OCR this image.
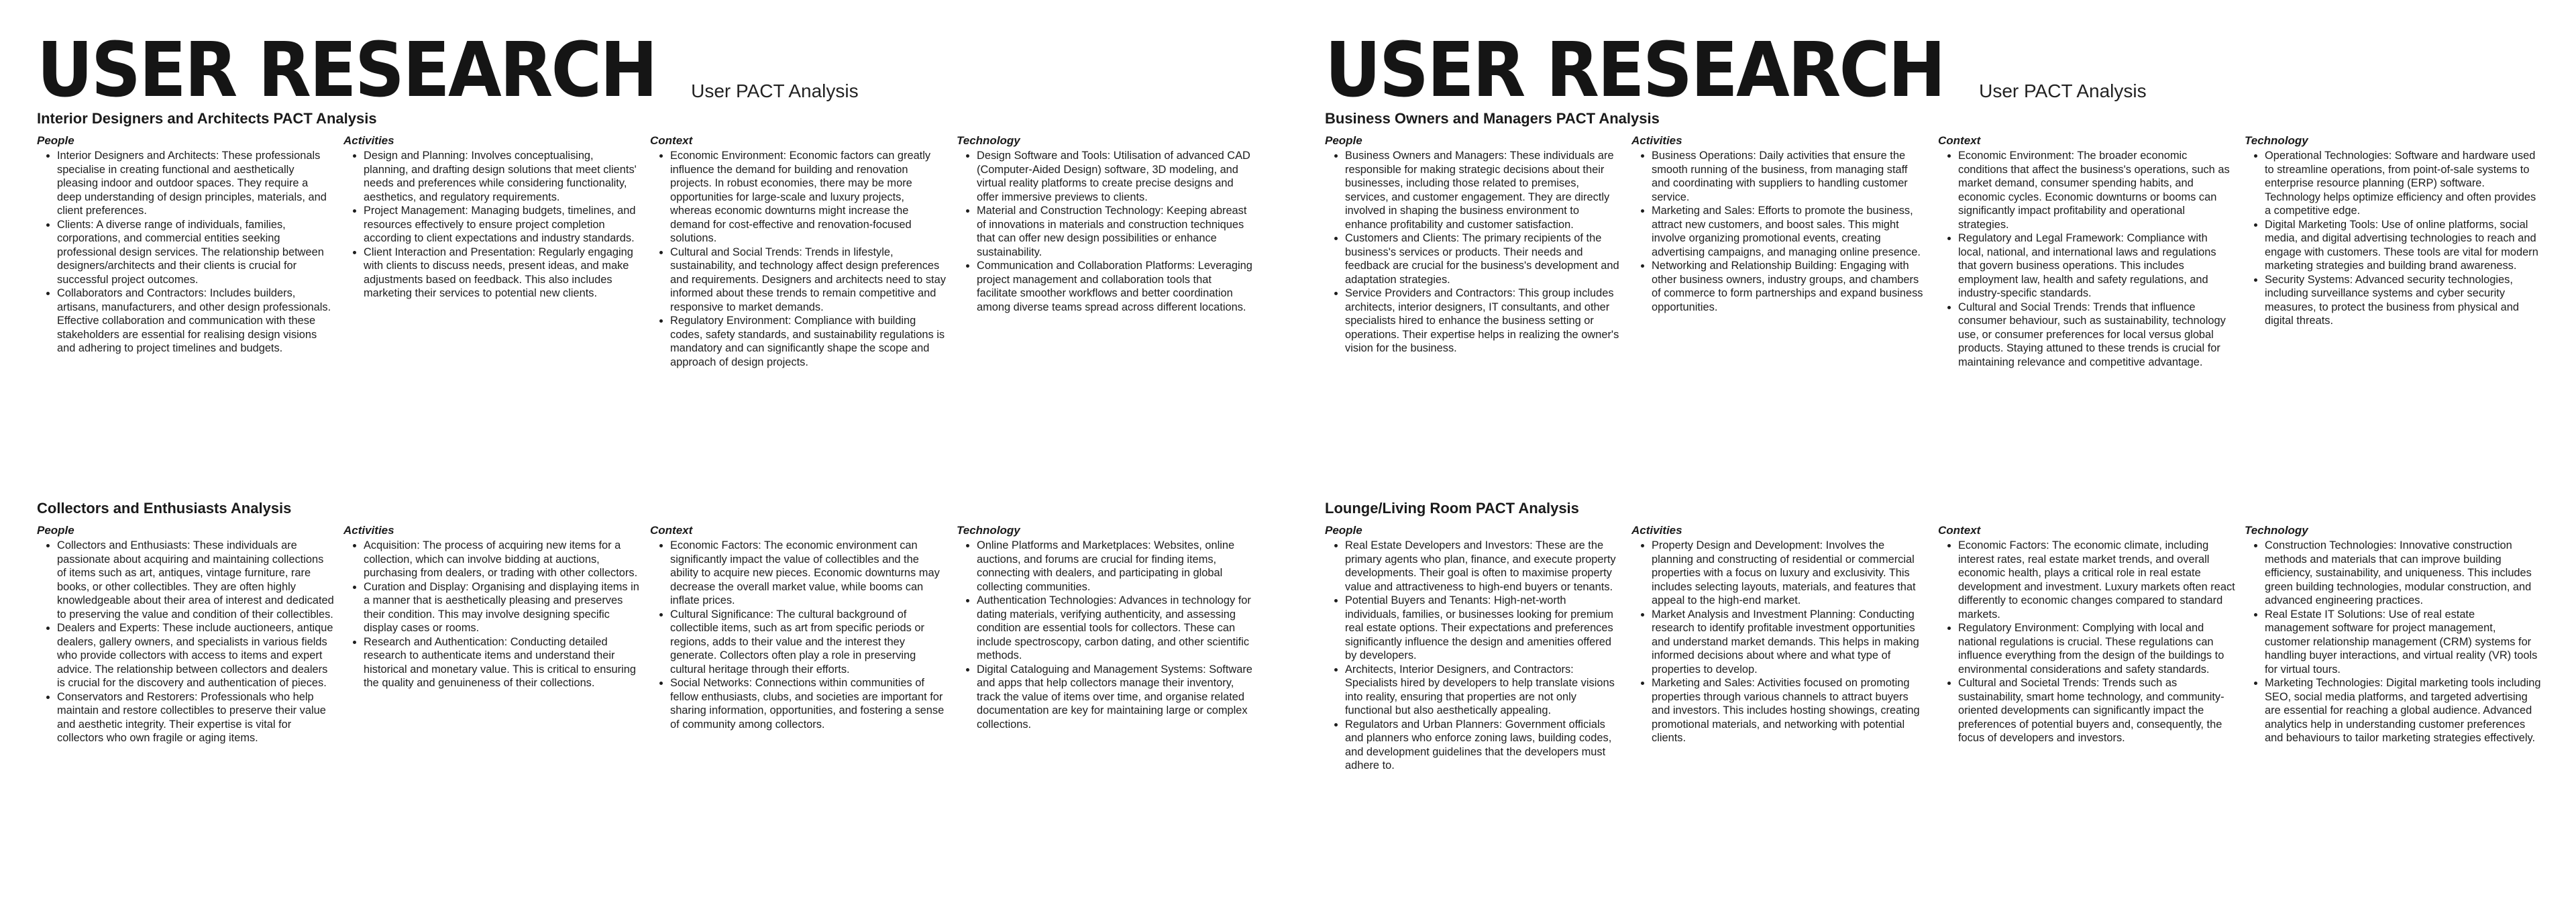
USER RESEARCH User PACT Analysis
Interior Designers and Architects PACT Analysis
People
• Interior Designers and Architects: These professionals specialise in creating functional and aesthetically pleasing indoor and outdoor spaces. They require a deep understanding of design principles, materials, and client preferences.
• Clients: A diverse range of individuals, families, corporations, and commercial entities seeking professional design services. The relationship between designers/architects and their clients is crucial for successful project outcomes.
• Collaborators and Contractors: Includes builders, artisans, manufacturers, and other design professionals. Effective collaboration and communication with these stakeholders are essential for realising design visions and adhering to project timelines and budgets.
Activities
• Design and Planning: Involves conceptualising, planning, and drafting design solutions that meet clients' needs and preferences while considering functionality, aesthetics, and regulatory requirements.
• Project Management: Managing budgets, timelines, and resources effectively to ensure project completion according to client expectations and industry standards.
• Client Interaction and Presentation: Regularly engaging with clients to discuss needs, present ideas, and make adjustments based on feedback. This also includes marketing their services to potential new clients.
Context
• Economic Environment: Economic factors can greatly influence the demand for building and renovation projects. In robust economies, there may be more opportunities for large-scale and luxury projects, whereas economic downturns might increase the demand for cost-effective and renovation-focused solutions.
• Cultural and Social Trends: Trends in lifestyle, sustainability, and technology affect design preferences and requirements. Designers and architects need to stay informed about these trends to remain competitive and responsive to market demands.
• Regulatory Environment: Compliance with building codes, safety standards, and sustainability regulations is mandatory and can significantly shape the scope and approach of design projects.
Technology
• Design Software and Tools: Utilisation of advanced CAD (Computer-Aided Design) software, 3D modeling, and virtual reality platforms to create precise designs and offer immersive previews to clients.
• Material and Construction Technology: Keeping abreast of innovations in materials and construction techniques that can offer new design possibilities or enhance sustainability.
• Communication and Collaboration Platforms: Leveraging project management and collaboration tools that facilitate smoother workflows and better coordination among diverse teams spread across different locations.
Collectors and Enthusiasts Analysis
People
• Collectors and Enthusiasts: These individuals are passionate about acquiring and maintaining collections of items such as art, antiques, vintage furniture, rare books, or other collectibles. They are often highly knowledgeable about their area of interest and dedicated to preserving the value and condition of their collectibles.
• Dealers and Experts: These include auctioneers, antique dealers, gallery owners, and specialists in various fields who provide collectors with access to items and expert advice. The relationship between collectors and dealers is crucial for the discovery and authentication of pieces.
• Conservators and Restorers: Professionals who help maintain and restore collectibles to preserve their value and aesthetic integrity. Their expertise is vital for collectors who own fragile or aging items.
Activities
• Acquisition: The process of acquiring new items for a collection, which can involve bidding at auctions, purchasing from dealers, or trading with other collectors.
• Curation and Display: Organising and displaying items in a manner that is aesthetically pleasing and preserves their condition. This may involve designing specific display cases or rooms.
• Research and Authentication: Conducting detailed research to authenticate items and understand their historical and monetary value. This is critical to ensuring the quality and genuineness of their collections.
Context
• Economic Factors: The economic environment can significantly impact the value of collectibles and the ability to acquire new pieces. Economic downturns may decrease the overall market value, while booms can inflate prices.
• Cultural Significance: The cultural background of collectible items, such as art from specific periods or regions, adds to their value and the interest they generate. Collectors often play a role in preserving cultural heritage through their efforts.
• Social Networks: Connections within communities of fellow enthusiasts, clubs, and societies are important for sharing information, opportunities, and fostering a sense of community among collectors.
Technology
• Online Platforms and Marketplaces: Websites, online auctions, and forums are crucial for finding items, connecting with dealers, and participating in global collecting communities.
• Authentication Technologies: Advances in technology for dating materials, verifying authenticity, and assessing condition are essential tools for collectors. These can include spectroscopy, carbon dating, and other scientific methods.
• Digital Cataloguing and Management Systems: Software and apps that help collectors manage their inventory, track the value of items over time, and organise related documentation are key for maintaining large or complex collections.
USER RESEARCH User PACT Analysis
Business Owners and Managers PACT Analysis
People
• Business Owners and Managers: These individuals are responsible for making strategic decisions about their businesses, including those related to premises, services, and customer engagement. They are directly involved in shaping the business environment to enhance profitability and customer satisfaction.
• Customers and Clients: The primary recipients of the business's services or products. Their needs and feedback are crucial for the business's development and adaptation strategies.
• Service Providers and Contractors: This group includes architects, interior designers, IT consultants, and other specialists hired to enhance the business setting or operations. Their expertise helps in realizing the owner's vision for the business.
Activities
• Business Operations: Daily activities that ensure the smooth running of the business, from managing staff and coordinating with suppliers to handling customer service.
• Marketing and Sales: Efforts to promote the business, attract new customers, and boost sales. This might involve organizing promotional events, creating advertising campaigns, and managing online presence.
• Networking and Relationship Building: Engaging with other business owners, industry groups, and chambers of commerce to form partnerships and expand business opportunities.
Context
• Economic Environment: The broader economic conditions that affect the business's operations, such as market demand, consumer spending habits, and economic cycles. Economic downturns or booms can significantly impact profitability and operational strategies.
• Regulatory and Legal Framework: Compliance with local, national, and international laws and regulations that govern business operations. This includes employment law, health and safety regulations, and industry-specific standards.
• Cultural and Social Trends: Trends that influence consumer behaviour, such as sustainability, technology use, or consumer preferences for local versus global products. Staying attuned to these trends is crucial for maintaining relevance and competitive advantage.
Technology
• Operational Technologies: Software and hardware used to streamline operations, from point-of-sale systems to enterprise resource planning (ERP) software. Technology helps optimize efficiency and often provides a competitive edge.
• Digital Marketing Tools: Use of online platforms, social media, and digital advertising technologies to reach and engage with customers. These tools are vital for modern marketing strategies and building brand awareness.
• Security Systems: Advanced security technologies, including surveillance systems and cyber security measures, to protect the business from physical and digital threats.
Lounge/Living Room PACT Analysis
People
• Real Estate Developers and Investors: These are the primary agents who plan, finance, and execute property developments. Their goal is often to maximise property value and attractiveness to high-end buyers or tenants.
• Potential Buyers and Tenants: High-net-worth individuals, families, or businesses looking for premium real estate options. Their expectations and preferences significantly influence the design and amenities offered by developers.
• Architects, Interior Designers, and Contractors: Specialists hired by developers to help translate visions into reality, ensuring that properties are not only functional but also aesthetically appealing.
• Regulators and Urban Planners: Government officials and planners who enforce zoning laws, building codes, and development guidelines that the developers must adhere to.
Activities
• Property Design and Development: Involves the planning and constructing of residential or commercial properties with a focus on luxury and exclusivity. This includes selecting layouts, materials, and features that appeal to the high-end market.
• Market Analysis and Investment Planning: Conducting research to identify profitable investment opportunities and understand market demands. This helps in making informed decisions about where and what type of properties to develop.
• Marketing and Sales: Activities focused on promoting properties through various channels to attract buyers and investors. This includes hosting showings, creating promotional materials, and networking with potential clients.
Context
• Economic Factors: The economic climate, including interest rates, real estate market trends, and overall economic health, plays a critical role in real estate development and investment. Luxury markets often react differently to economic changes compared to standard markets.
• Regulatory Environment: Complying with local and national regulations is crucial. These regulations can influence everything from the design of the buildings to environmental considerations and safety standards.
• Cultural and Societal Trends: Trends such as sustainability, smart home technology, and community-oriented developments can significantly impact the preferences of potential buyers and, consequently, the focus of developers and investors.
Technology
• Construction Technologies: Innovative construction methods and materials that can improve building efficiency, sustainability, and uniqueness. This includes green building technologies, modular construction, and advanced engineering practices.
• Real Estate IT Solutions: Use of real estate management software for project management, customer relationship management (CRM) systems for handling buyer interactions, and virtual reality (VR) tools for virtual tours.
• Marketing Technologies: Digital marketing tools including SEO, social media platforms, and targeted advertising are essential for reaching a global audience. Advanced analytics help in understanding customer preferences and behaviours to tailor marketing strategies effectively.
